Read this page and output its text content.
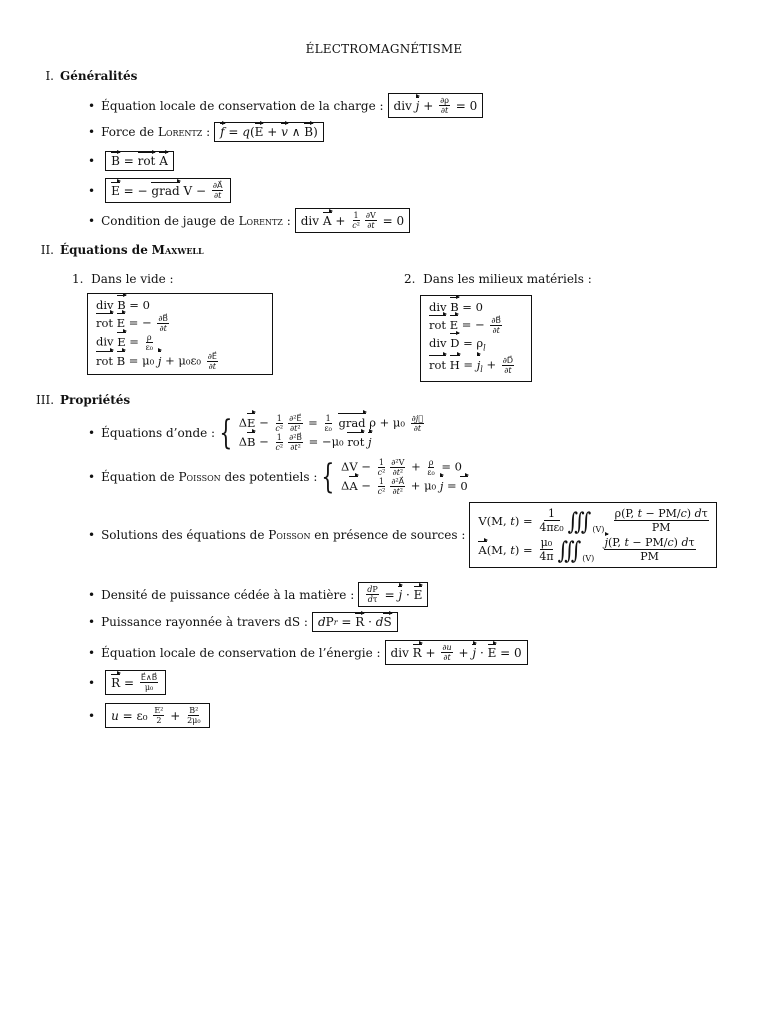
ÉLECTROMAGNÉTISME
I. Généralités
• Équation locale de conservation de la charge : div $j + \frac{\partial\rho}{\partial t} = 0$
• Force de
Lorentz : f = q ( E + v ∧ B )
• B = rot
A
• E = − grad $V - \frac{\partial A⃗}{\partial t}$
• Condition de jauge de
Lorentz : div $A + \frac{1}{\text{c²}} \frac{\partial V}{\partial t} = 0$
II. Équations de Maxwell
1. Dans le vide :	2. Dans les milieux matériels :
div B = 0
rot E = − $\frac{\partial B⃗}{\partial t}$
div $E = \frac{\rho}{\text{ε₀}}$
rot B = μ₀ $j + \mu_0\varepsilon_0 \frac{\partial E⃗}{\partial t}$
div B = 0
rot E = − $\frac{\partial B⃗}{\partial t}$
div $D = \rho_l$
rot $H = j_l + \frac{\partial D⃗}{\partial t}$
III. Propriétés
• Équations d’onde : { $\Delta E - \frac{1}{\text{c²}} \frac{\text{∂²E⃗}}{\text{∂t²}} = \frac{1}{\text{ε₀}}$ grad $\rho + \mu_0 \frac{\partial j⃗}{\partial t}$
$\Delta B - \frac{1}{\text{c²}} \frac{\text{∂²B⃗}}{\text{∂t²}} = -\mu_0$ rot j
• Équation de
Poisson
des potentiels : { $\Delta V - \frac{1}{\text{c²}} \frac{\text{∂²V}}{\text{∂t²}} + \frac{\rho}{\text{ε₀}} = 0$
$\Delta A - \frac{1}{\text{c²}} \frac{\text{∂²A⃗}}{\text{∂t²}} + \mu_0$ j = 0
• Solutions des équations de
Poisson
en présence de sources :
V(M, t ) = $\frac{1}{\text{4πε₀}}$ $∭_{(V)}$
$\frac{\rho(P, t - PM/c) d\tau}{PM}$
A (M, t ) = $\frac{\text{μ₀}}{4\pi}$ $∭_{(V)}$
$\frac{j(P, t - PM/c) d\tau}{PM}$
• Densité de puissance cédée à la matière : $\frac{dP}{d\tau} = j \cdot E$
• Puissance rayonnée à travers dS : d P r = R · d S
• Équation locale de conservation de l’énergie : div $R + \frac{\partial u}{\partial t} + j \cdot E = 0$
• $R = \frac{E⃗\wedge B⃗}{\text{μ₀}}$
• $u = \varepsilon_0 \frac{\text{E²}}{2} + \frac{\text{B²}}{\text{2μ₀}}$
